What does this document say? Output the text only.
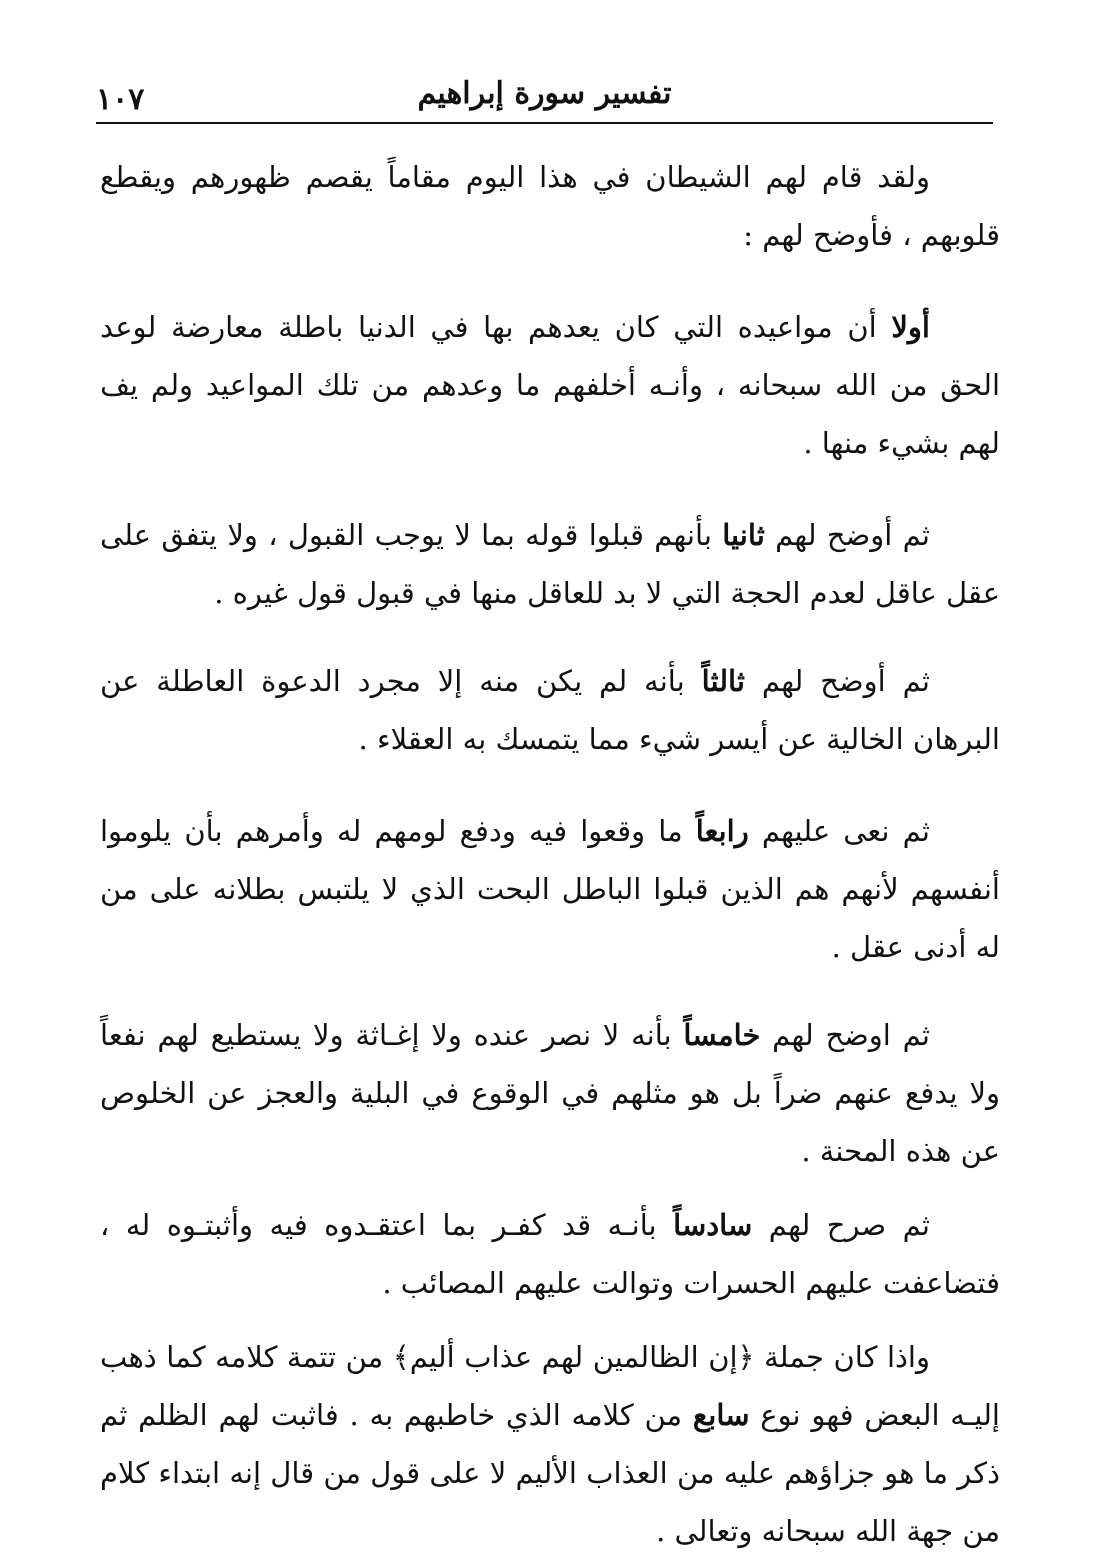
١٠٧	تفسير سورة إبراهيم

ولقد قام لهم الشيطان في هذا اليوم مقاماً يقصم ظهورهم ويقطع قلوبهم ، فأوضح لهم :

أولا أن مواعيده التي كان يعدهم بها في الدنيا باطلة معارضة لوعد الحق من الله سبحانه ، وأنـه أخلفهم ما وعدهم من تلك المواعيد ولم يف لهم بشيء منها .

ثم أوضح لهم ثانيا بأنهم قبلوا قوله بما لا يوجب القبول ، ولا يتفق على عقل عاقل لعدم الحجة التي لا بد للعاقل منها في قبول قول غيره .

ثم أوضح لهم ثالثاً بأنه لم يكن منه إلا مجرد الدعوة العاطلة عن البرهان الخالية عن أيسر شيء مما يتمسك به العقلاء .

ثم نعى عليهم رابعاً ما وقعوا فيه ودفع لومهم له وأمرهم بأن يلوموا أنفسهم لأنهم هم الذين قبلوا الباطل البحت الذي لا يلتبس بطلانه على من له أدنى عقل .

ثم اوضح لهم خامساً بأنه لا نصر عنده ولا إغـاثة ولا يستطيع لهم نفعاً ولا يدفع عنهم ضراً بل هو مثلهم في الوقوع في البلية والعجز عن الخلوص عن هذه المحنة .

ثم صرح لهم سادساً بأنـه قد كفـر بما اعتقـدوه فيه وأثبتـوه له ، فتضاعفت عليهم الحسرات وتوالت عليهم المصائب .

واذا كان جملة ﴿إن الظالمين لهم عذاب أليم﴾ من تتمة كلامه كما ذهب إليـه البعض فهو نوع سابع من كلامه الذي خاطبهم به . فاثبت لهم الظلم ثم ذكر ما هو جزاؤهم عليه من العذاب الأليم لا على قول من قال إنه ابتداء كلام من جهة الله سبحانه وتعالى .
